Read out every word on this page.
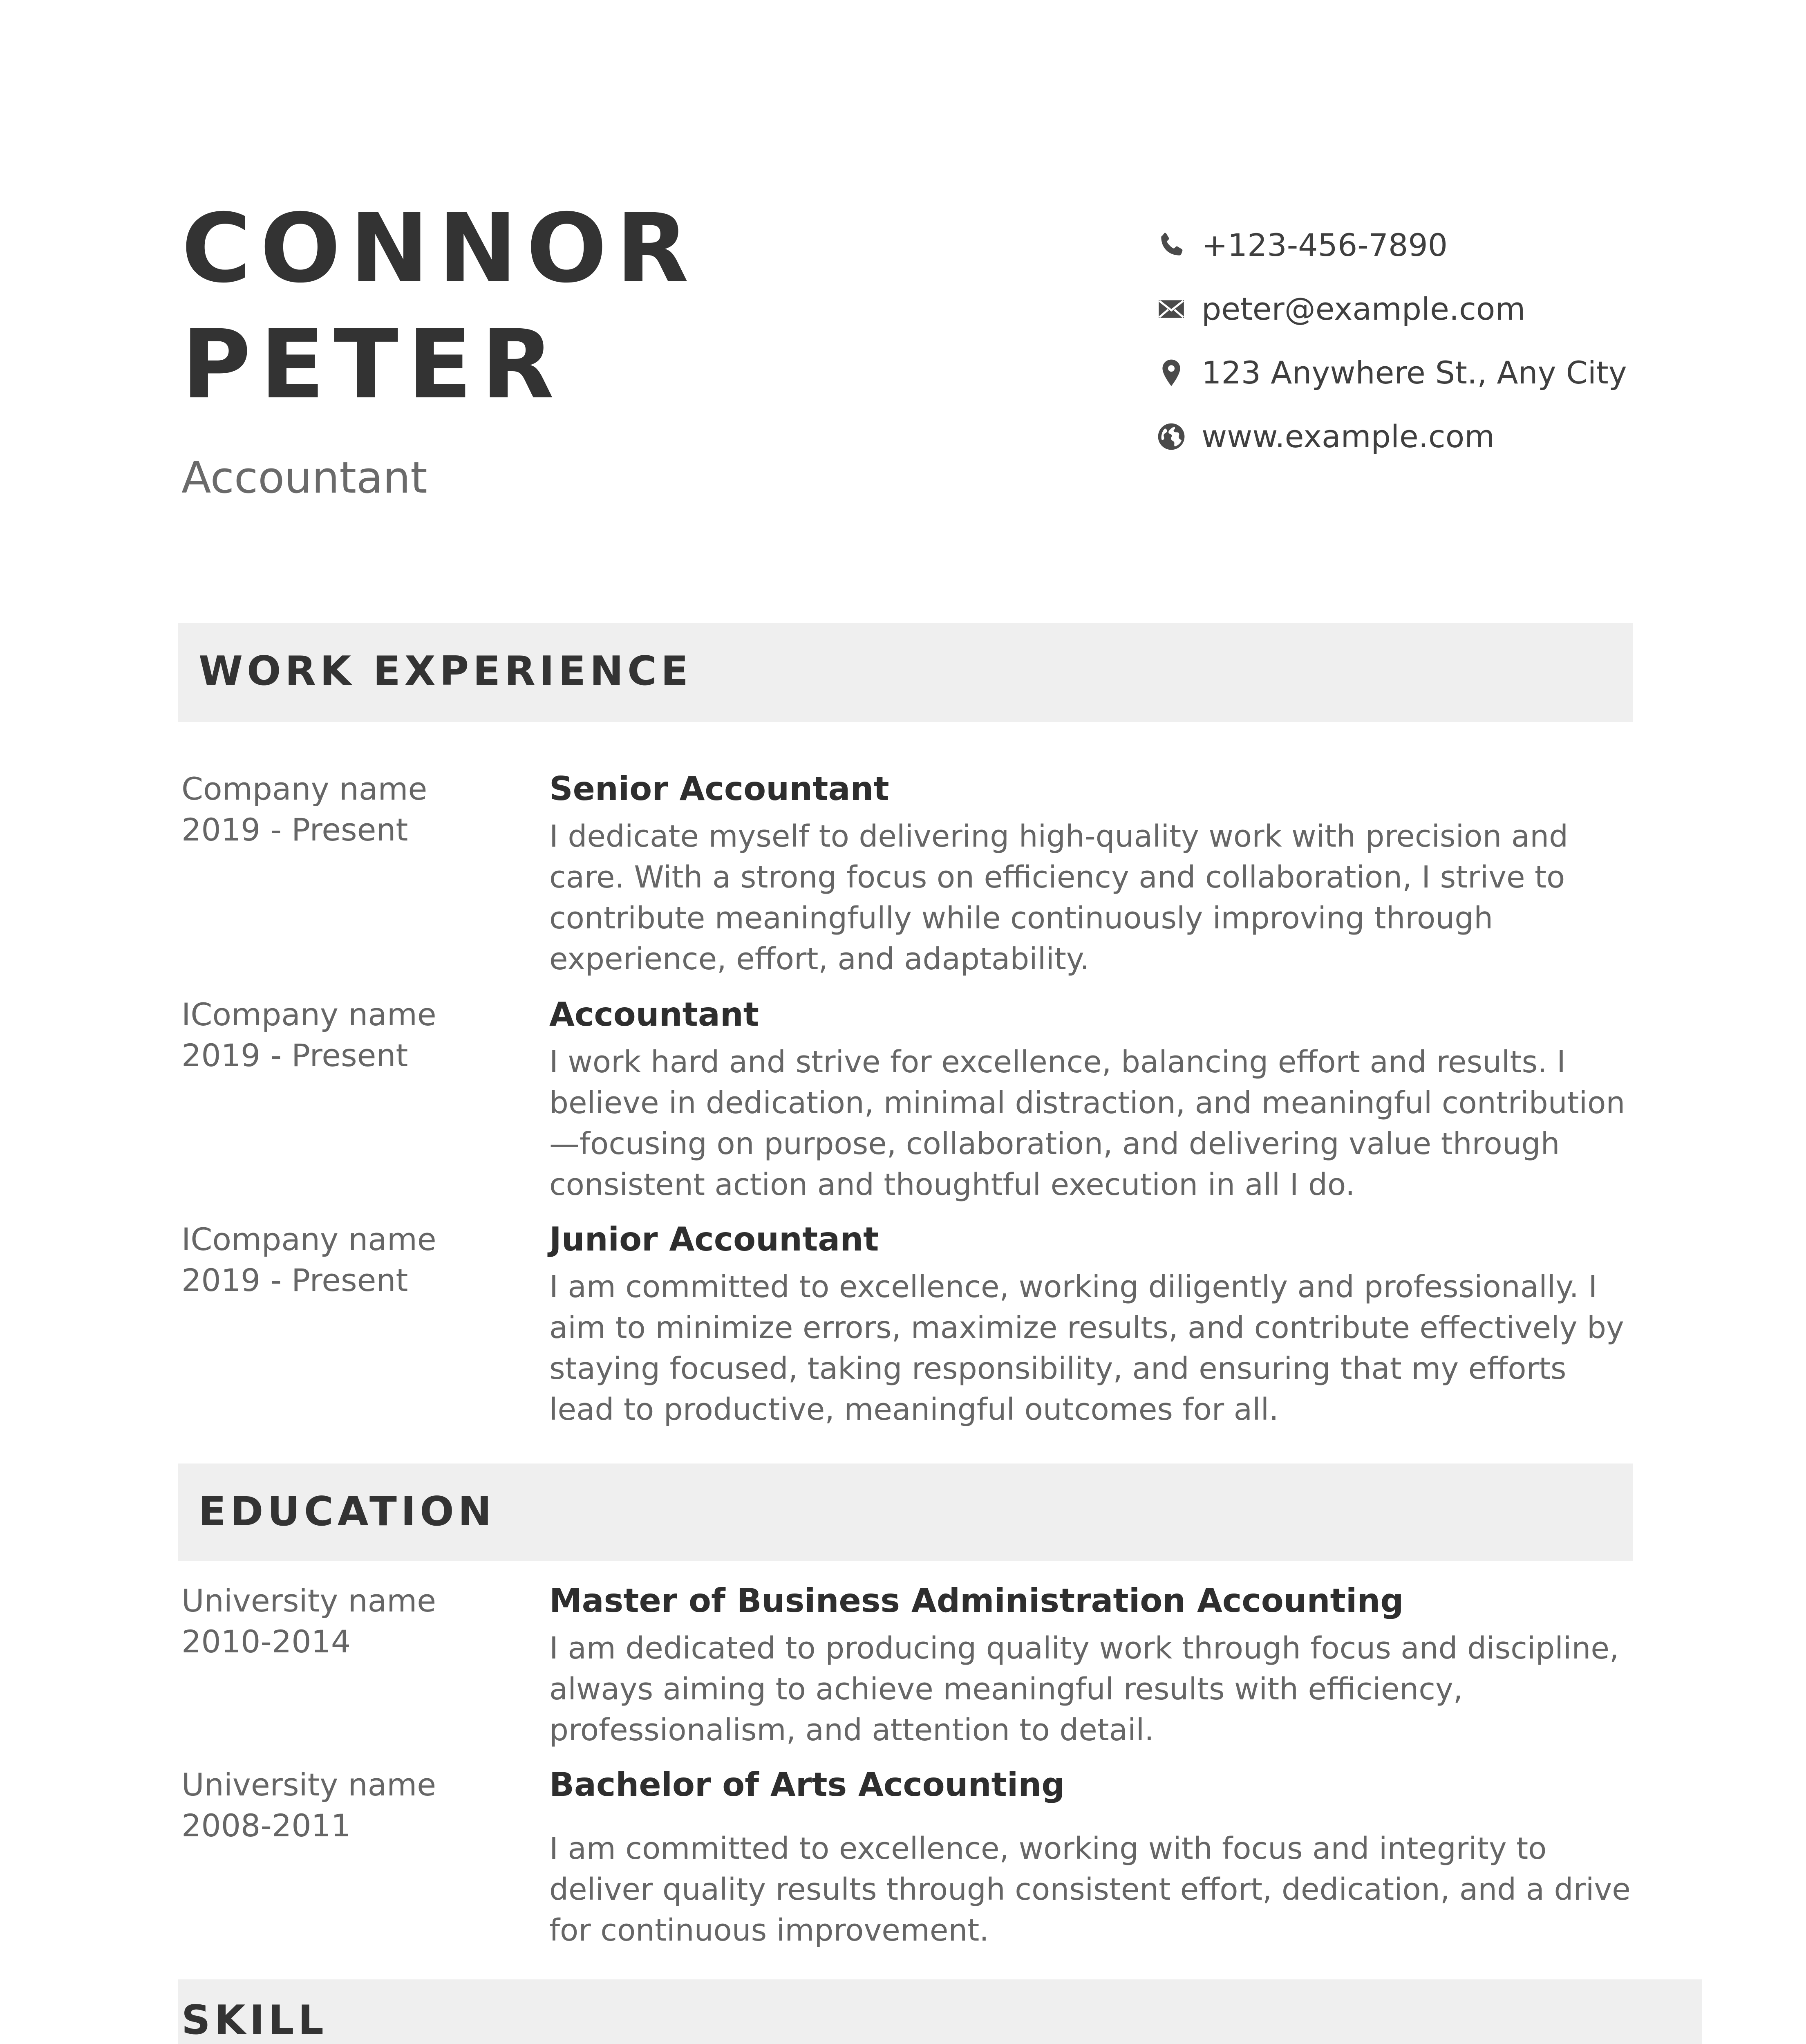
CONNOR
PETER
Accountant
+123-456-7890
peter@example.com
123 Anywhere St., Any City
www.example.com
WORK EXPERIENCE
Company name
2019 - Present
Senior Accountant
I dedicate myself to delivering high-quality work with precision and care. With a strong focus on efficiency and collaboration, I strive to contribute meaningfully while continuously improving through experience, effort, and adaptability.
ICompany name
2019 - Present
Accountant
I work hard and strive for excellence, balancing effort and results. I believe in dedication, minimal distraction, and meaningful contribution—focusing on purpose, collaboration, and delivering value through consistent action and thoughtful execution in all I do.
ICompany name
2019 - Present
Junior Accountant
I am committed to excellence, working diligently and professionally. I aim to minimize errors, maximize results, and contribute effectively by staying focused, taking responsibility, and ensuring that my efforts lead to productive, meaningful outcomes for all.
EDUCATION
University name
2010-2014
Master of Business Administration Accounting
I am dedicated to producing quality work through focus and discipline, always aiming to achieve meaningful results with efficiency, professionalism, and attention to detail.
University name
2008-2011
Bachelor of Arts Accounting
I am committed to excellence, working with focus and integrity to deliver quality results through consistent effort, dedication, and a drive for continuous improvement.
SKILL
